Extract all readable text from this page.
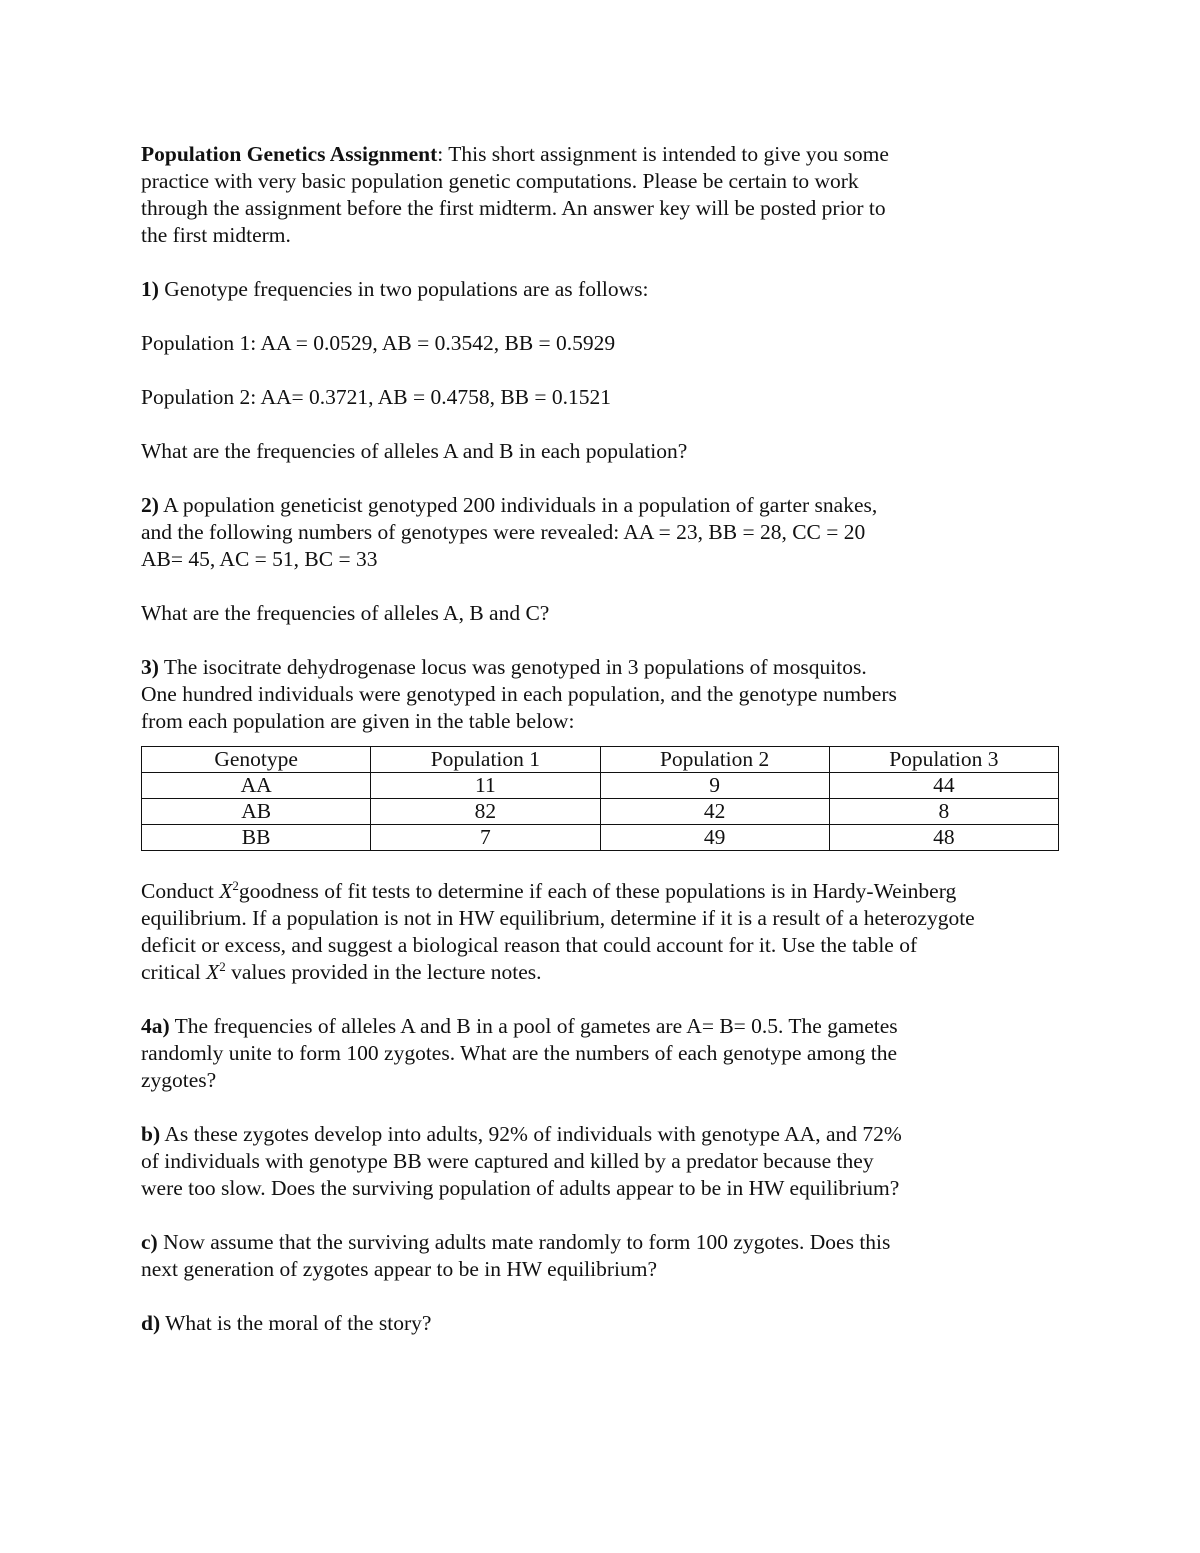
Population Genetics Assignment: This short assignment is intended to give you some
practice with very basic population genetic computations. Please be certain to work
through the assignment before the first midterm. An answer key will be posted prior to
the first midterm.
1) Genotype frequencies in two populations are as follows:
Population 1: AA = 0.0529, AB = 0.3542, BB = 0.5929
Population 2: AA= 0.3721, AB = 0.4758, BB = 0.1521
What are the frequencies of alleles A and B in each population?
2) A population geneticist genotyped 200 individuals in a population of garter snakes,
and the following numbers of genotypes were revealed: AA = 23, BB = 28, CC = 20
AB= 45, AC = 51, BC = 33
What are the frequencies of alleles A, B and C?
3) The isocitrate dehydrogenase locus was genotyped in 3 populations of mosquitos.
One hundred individuals were genotyped in each population, and the genotype numbers
from each population are given in the table below:
Genotype	Population 1	Population 2	Population 3
AA	11	9	44
AB	82	42	8
BB	7	49	48
Conduct $X^2goodness$ of fit tests to determine if each of these populations is in Hardy-Weinberg
equilibrium. If a population is not in HW equilibrium, determine if it is a result of a heterozygote
deficit or excess, and suggest a biological reason that could account for it. Use the table of
critical $X^2$ values provided in the lecture notes.
4a) The frequencies of alleles A and B in a pool of gametes are A= B= 0.5. The gametes
randomly unite to form 100 zygotes. What are the numbers of each genotype among the
zygotes?
b) As these zygotes develop into adults, 92% of individuals with genotype AA, and 72%
of individuals with genotype BB were captured and killed by a predator because they
were too slow. Does the surviving population of adults appear to be in HW equilibrium?
c) Now assume that the surviving adults mate randomly to form 100 zygotes. Does this
next generation of zygotes appear to be in HW equilibrium?
d) What is the moral of the story?
